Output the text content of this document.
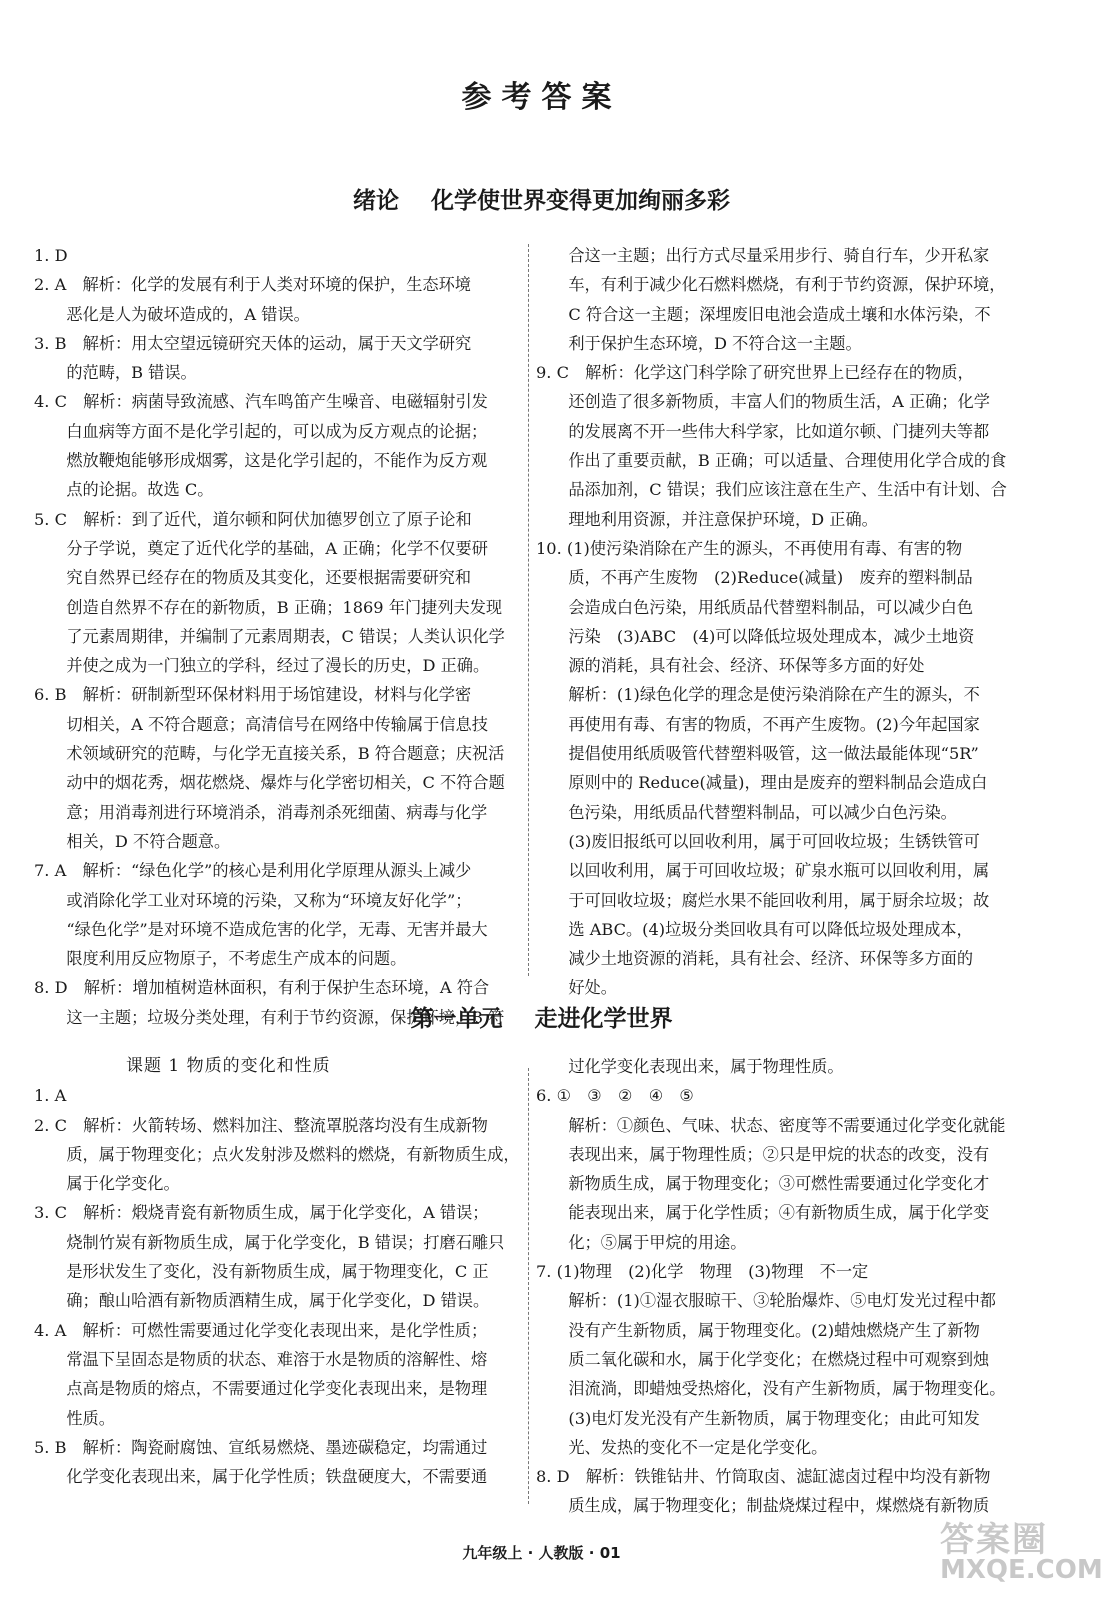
参考答案
绪论    化学使世界变得更加绚丽多彩
1. D
2. A　解析：化学的发展有利于人类对环境的保护，生态环境
　　恶化是人为破坏造成的，A 错误。
3. B　解析：用太空望远镜研究天体的运动，属于天文学研究
　　的范畴，B 错误。
4. C　解析：病菌导致流感、汽车鸣笛产生噪音、电磁辐射引发
　　白血病等方面不是化学引起的，可以成为反方观点的论据；
　　燃放鞭炮能够形成烟雾，这是化学引起的，不能作为反方观
　　点的论据。故选 C。
5. C　解析：到了近代，道尔顿和阿伏加德罗创立了原子论和
　　分子学说，奠定了近代化学的基础，A 正确；化学不仅要研
　　究自然界已经存在的物质及其变化，还要根据需要研究和
　　创造自然界不存在的新物质，B 正确；1869 年门捷列夫发现
　　了元素周期律，并编制了元素周期表，C 错误；人类认识化学
　　并使之成为一门独立的学科，经过了漫长的历史，D 正确。
6. B　解析：研制新型环保材料用于场馆建设，材料与化学密
　　切相关，A 不符合题意；高清信号在网络中传输属于信息技
　　术领域研究的范畴，与化学无直接关系，B 符合题意；庆祝活
　　动中的烟花秀，烟花燃烧、爆炸与化学密切相关，C 不符合题
　　意；用消毒剂进行环境消杀，消毒剂杀死细菌、病毒与化学
　　相关，D 不符合题意。
7. A　解析：“绿色化学”的核心是利用化学原理从源头上减少
　　或消除化学工业对环境的污染，又称为“环境友好化学”；
　　“绿色化学”是对环境不造成危害的化学，无毒、无害并最大
　　限度利用反应物原子，不考虑生产成本的问题。
8. D　解析：增加植树造林面积，有利于保护生态环境，A 符合
　　这一主题；垃圾分类处理，有利于节约资源，保护环境，B 符
　　合这一主题；出行方式尽量采用步行、骑自行车，少开私家
　　车，有利于减少化石燃料燃烧，有利于节约资源，保护环境，
　　C 符合这一主题；深埋废旧电池会造成土壤和水体污染，不
　　利于保护生态环境，D 不符合这一主题。
9. C　解析：化学这门科学除了研究世界上已经存在的物质，
　　还创造了很多新物质，丰富人们的物质生活，A 正确；化学
　　的发展离不开一些伟大科学家，比如道尔顿、门捷列夫等都
　　作出了重要贡献，B 正确；可以适量、合理使用化学合成的食
　　品添加剂，C 错误；我们应该注意在生产、生活中有计划、合
　　理地利用资源，并注意保护环境，D 正确。
10. (1)使污染消除在产生的源头，不再使用有毒、有害的物
　　质，不再产生废物　(2)Reduce(减量)　废弃的塑料制品
　　会造成白色污染，用纸质品代替塑料制品，可以减少白色
　　污染　(3)ABC　(4)可以降低垃圾处理成本，减少土地资
　　源的消耗，具有社会、经济、环保等多方面的好处
　　解析：(1)绿色化学的理念是使污染消除在产生的源头，不
　　再使用有毒、有害的物质，不再产生废物。(2)今年起国家
　　提倡使用纸质吸管代替塑料吸管，这一做法最能体现“5R”
　　原则中的 Reduce(减量)，理由是废弃的塑料制品会造成白
　　色污染，用纸质品代替塑料制品，可以减少白色污染。
　　(3)废旧报纸可以回收利用，属于可回收垃圾；生锈铁管可
　　以回收利用，属于可回收垃圾；矿泉水瓶可以回收利用，属
　　于可回收垃圾；腐烂水果不能回收利用，属于厨余垃圾；故
　　选 ABC。(4)垃圾分类回收具有可以降低垃圾处理成本，
　　减少土地资源的消耗，具有社会、经济、环保等多方面的
　　好处。
第一单元    走进化学世界
课题 1 物质的变化和性质
1. A
2. C　解析：火箭转场、燃料加注、整流罩脱落均没有生成新物
　　质，属于物理变化；点火发射涉及燃料的燃烧，有新物质生成，
　　属于化学变化。
3. C　解析：煅烧青瓷有新物质生成，属于化学变化，A 错误；
　　烧制竹炭有新物质生成，属于化学变化，B 错误；打磨石雕只
　　是形状发生了变化，没有新物质生成，属于物理变化，C 正
　　确；酿山哈酒有新物质酒精生成，属于化学变化，D 错误。
4. A　解析：可燃性需要通过化学变化表现出来，是化学性质；
　　常温下呈固态是物质的状态、难溶于水是物质的溶解性、熔
　　点高是物质的熔点，不需要通过化学变化表现出来，是物理
　　性质。
5. B　解析：陶瓷耐腐蚀、宣纸易燃烧、墨迹碳稳定，均需通过
　　化学变化表现出来，属于化学性质；铁盘硬度大，不需要通
　　过化学变化表现出来，属于物理性质。
6. ①　③　②　④　⑤
　　解析：①颜色、气味、状态、密度等不需要通过化学变化就能
　　表现出来，属于物理性质；②只是甲烷的状态的改变，没有
　　新物质生成，属于物理变化；③可燃性需要通过化学变化才
　　能表现出来，属于化学性质；④有新物质生成，属于化学变
　　化；⑤属于甲烷的用途。
7. (1)物理　(2)化学　物理　(3)物理　不一定
　　解析：(1)①湿衣服晾干、③轮胎爆炸、⑤电灯发光过程中都
　　没有产生新物质，属于物理变化。(2)蜡烛燃烧产生了新物
　　质二氧化碳和水，属于化学变化；在燃烧过程中可观察到烛
　　泪流淌，即蜡烛受热熔化，没有产生新物质，属于物理变化。
　　(3)电灯发光没有产生新物质，属于物理变化；由此可知发
　　光、发热的变化不一定是化学变化。
8. D　解析：铁锥钻井、竹筒取卤、滤缸滤卤过程中均没有新物
　　质生成，属于物理变化；制盐烧煤过程中，煤燃烧有新物质
九年级上 · 人教版 · 01	答案圈
MXQE.COM
